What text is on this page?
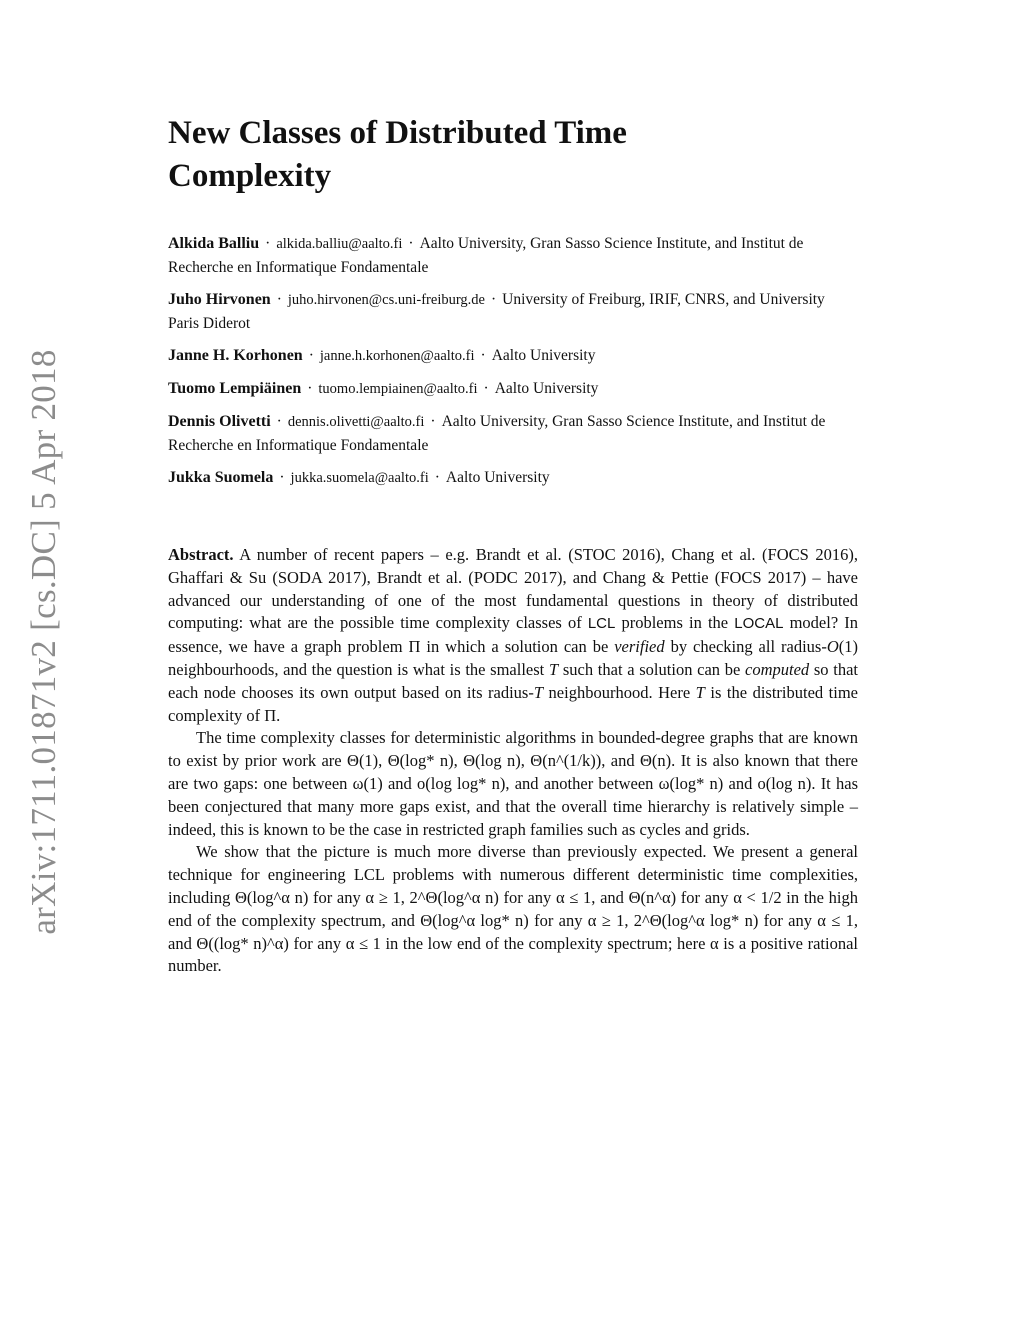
arXiv:1711.01871v2 [cs.DC] 5 Apr 2018
New Classes of Distributed Time
Complexity

Alkida Balliu · alkida.balliu@aalto.fi · Aalto University, Gran Sasso Science Institute, and Institut de Recherche en Informatique Fondamentale

Juho Hirvonen · juho.hirvonen@cs.uni-freiburg.de · University of Freiburg, IRIF, CNRS, and University Paris Diderot

Janne H. Korhonen · janne.h.korhonen@aalto.fi · Aalto University

Tuomo Lempiäinen · tuomo.lempiainen@aalto.fi · Aalto University

Dennis Olivetti · dennis.olivetti@aalto.fi · Aalto University, Gran Sasso Science Institute, and Institut de Recherche en Informatique Fondamentale

Jukka Suomela · jukka.suomela@aalto.fi · Aalto University

Abstract. A number of recent papers – e.g. Brandt et al. (STOC 2016), Chang et al. (FOCS 2016), Ghaffari & Su (SODA 2017), Brandt et al. (PODC 2017), and Chang & Pettie (FOCS 2017) – have advanced our understanding of one of the most fundamental questions in theory of distributed computing: what are the possible time complexity classes of LCL problems in the LOCAL model? In essence, we have a graph problem Π in which a solution can be verified by checking all radius-O(1) neighbourhoods, and the question is what is the smallest T such that a solution can be computed so that each node chooses its own output based on its radius-T neighbourhood. Here T is the distributed time complexity of Π.

The time complexity classes for deterministic algorithms in bounded-degree graphs that are known to exist by prior work are Θ(1), Θ(log* n), Θ(log n), Θ(n^(1/k)), and Θ(n). It is also known that there are two gaps: one between ω(1) and o(log log* n), and another between ω(log* n) and o(log n). It has been conjectured that many more gaps exist, and that the overall time hierarchy is relatively simple – indeed, this is known to be the case in restricted graph families such as cycles and grids.

We show that the picture is much more diverse than previously expected. We present a general technique for engineering LCL problems with numerous different deterministic time complexities, including Θ(log^α n) for any α ≥ 1, 2^Θ(log^α n) for any α ≤ 1, and Θ(n^α) for any α < 1/2 in the high end of the complexity spectrum, and Θ(log^α log* n) for any α ≥ 1, 2^Θ(log^α log* n) for any α ≤ 1, and Θ((log* n)^α) for any α ≤ 1 in the low end of the complexity spectrum; here α is a positive rational number.
